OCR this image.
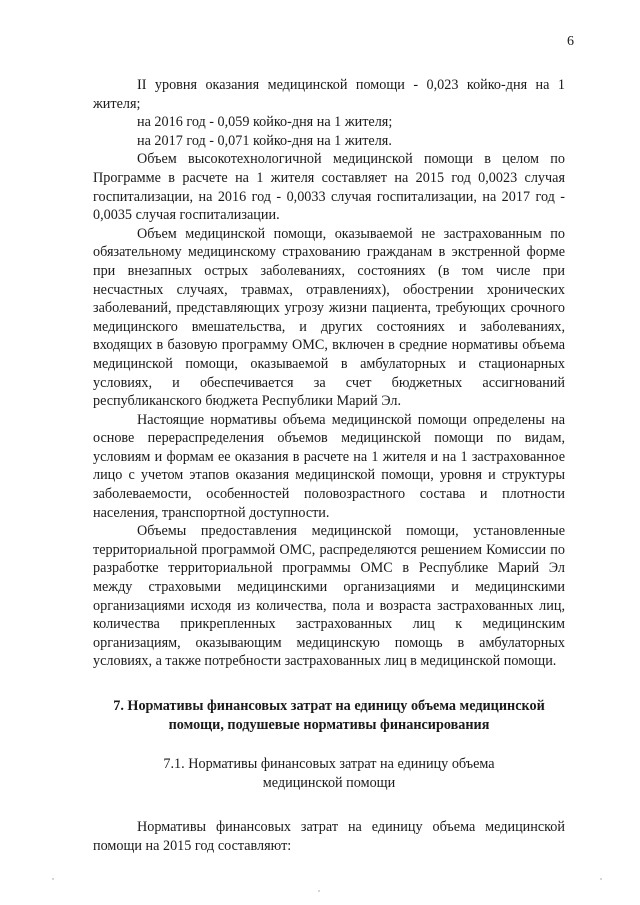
6

II уровня оказания медицинской помощи - 0,023 койко-дня на 1 жителя;

на 2016 год - 0,059 койко-дня на 1 жителя;

на 2017 год - 0,071 койко-дня на 1 жителя.

Объем высокотехнологичной медицинской помощи в целом по Программе в расчете на 1 жителя составляет на 2015 год 0,0023 случая госпитализации, на 2016 год - 0,0033 случая госпитализации, на 2017 год - 0,0035 случая госпитализации.

Объем медицинской помощи, оказываемой не застрахованным по обязательному медицинскому страхованию гражданам в экстренной форме при внезапных острых заболеваниях, состояниях (в том числе при несчастных случаях, травмах, отравлениях), обострении хронических заболеваний, представляющих угрозу жизни пациента, требующих срочного медицинского вмешательства, и других состояниях и заболеваниях, входящих в базовую программу ОМС, включен в средние нормативы объема медицинской помощи, оказываемой в амбулаторных и стационарных условиях, и обеспечивается за счет бюджетных ассигнований республиканского бюджета Республики Марий Эл.

Настоящие нормативы объема медицинской помощи определены на основе перераспределения объемов медицинской помощи по видам, условиям и формам ее оказания в расчете на 1 жителя и на 1 застрахованное лицо с учетом этапов оказания медицинской помощи, уровня и структуры заболеваемости, особенностей половозрастного состава и плотности населения, транспортной доступности.

Объемы предоставления медицинской помощи, установленные территориальной программой ОМС, распределяются решением Комиссии по разработке территориальной программы ОМС в Республике Марий Эл между страховыми медицинскими организациями и медицинскими организациями исходя из количества, пола и возраста застрахованных лиц, количества прикрепленных застрахованных лиц к медицинским организациям, оказывающим медицинскую помощь в амбулаторных условиях, а также потребности застрахованных лиц в медицинской помощи.

7. Нормативы финансовых затрат на единицу объема медицинской помощи, подушевые нормативы финансирования

7.1. Нормативы финансовых затрат на единицу объема медицинской помощи

Нормативы финансовых затрат на единицу объема медицинской помощи на 2015 год составляют:
